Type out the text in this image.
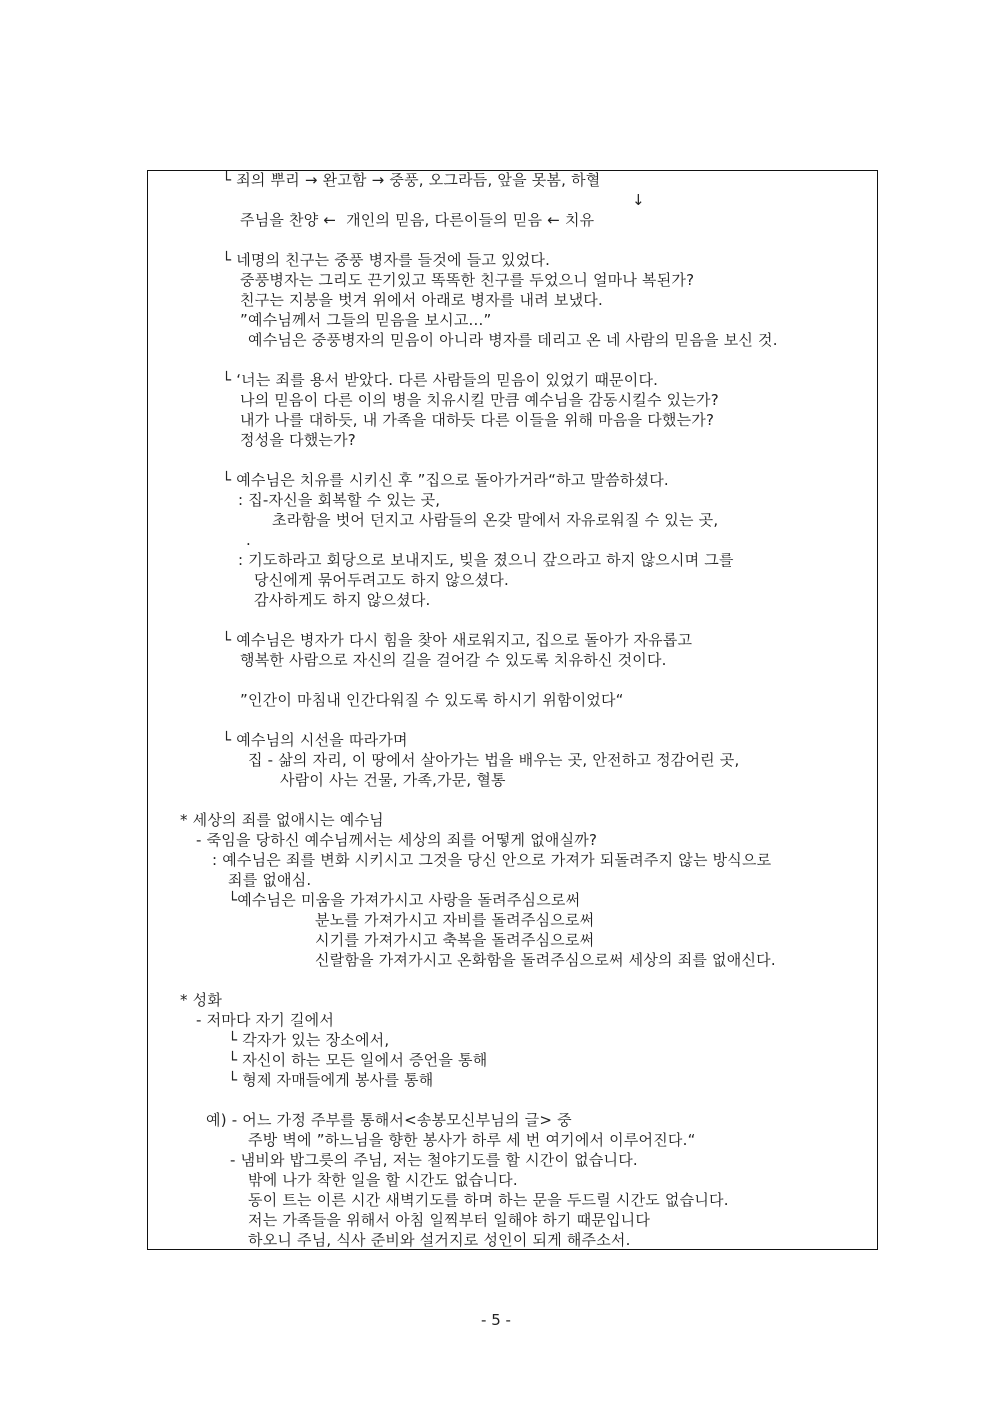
└ 죄의 뿌리 → 완고함 → 중풍, 오그라듬, 앞을 못봄, 하혈
↓
주님을 찬양 ←  개인의 믿음, 다른이들의 믿음 ← 치유
└ 네명의 친구는 중풍 병자를 들것에 들고 있었다.
중풍병자는 그리도 끈기있고 똑똑한 친구를 두었으니 얼마나 복된가?
친구는 지붕을 벗겨 위에서 아래로 병자를 내려 보냈다.
”예수님께서 그들의 믿음을 보시고...”
예수님은 중풍병자의 믿음이 아니라 병자를 데리고 온 네 사람의 믿음을 보신 것.
└ ‘너는 죄를 용서 받았다. 다른 사람들의 믿음이 있었기 때문이다.
나의 믿음이 다른 이의 병을 치유시킬 만큼 예수님을 감동시킬수 있는가?
내가 나를 대하듯, 내 가족을 대하듯 다른 이들을 위해 마음을 다했는가?
정성을 다했는가?
└ 예수님은 치유를 시키신 후 ”집으로 돌아가거라“하고 말씀하셨다.
: 집-자신을 회복할 수 있는 곳,
초라함을 벗어 던지고 사람들의 온갖 말에서 자유로워질 수 있는 곳,
.
: 기도하라고 회당으로 보내지도, 빚을 졌으니 갚으라고 하지 않으시며 그를
당신에게 묶어두려고도 하지 않으셨다.
감사하게도 하지 않으셨다.
└ 예수님은 병자가 다시 힘을 찾아 새로워지고, 집으로 돌아가 자유롭고
행복한 사람으로 자신의 길을 걸어갈 수 있도록 치유하신 것이다.
”인간이 마침내 인간다워질 수 있도록 하시기 위함이었다“
└ 예수님의 시선을 따라가며
집 - 삶의 자리, 이 땅에서 살아가는 법을 배우는 곳, 안전하고 정감어린 곳,
사람이 사는 건물, 가족,가문, 혈통
* 세상의 죄를 없애시는 예수님
- 죽임을 당하신 예수님께서는 세상의 죄를 어떻게 없애실까?
: 예수님은 죄를 변화 시키시고 그것을 당신 안으로 가져가 되돌려주지 않는 방식으로
죄를 없애심.
└예수님은 미움을 가져가시고 사랑을 돌려주심으로써
분노를 가져가시고 자비를 돌려주심으로써
시기를 가져가시고 축복을 돌려주심으로써
신랄함을 가져가시고 온화함을 돌려주심으로써 세상의 죄를 없애신다.
* 성화
- 저마다 자기 길에서
└ 각자가 있는 장소에서,
└ 자신이 하는 모든 일에서 증언을 통해
└ 형제 자매들에게 봉사를 통해
예) - 어느 가정 주부를 통해서<송봉모신부님의 글> 중
주방 벽에 ”하느님을 향한 봉사가 하루 세 번 여기에서 이루어진다.“
- 냄비와 밥그릇의 주님, 저는 철야기도를 할 시간이 없습니다.
밖에 나가 착한 일을 할 시간도 없습니다.
동이 트는 이른 시간 새벽기도를 하며 하는 문을 두드릴 시간도 없습니다.
저는 가족들을 위해서 아침 일찍부터 일해야 하기 때문입니다
하오니 주님, 식사 준비와 설거지로 성인이 되게 해주소서.
- 5 -
